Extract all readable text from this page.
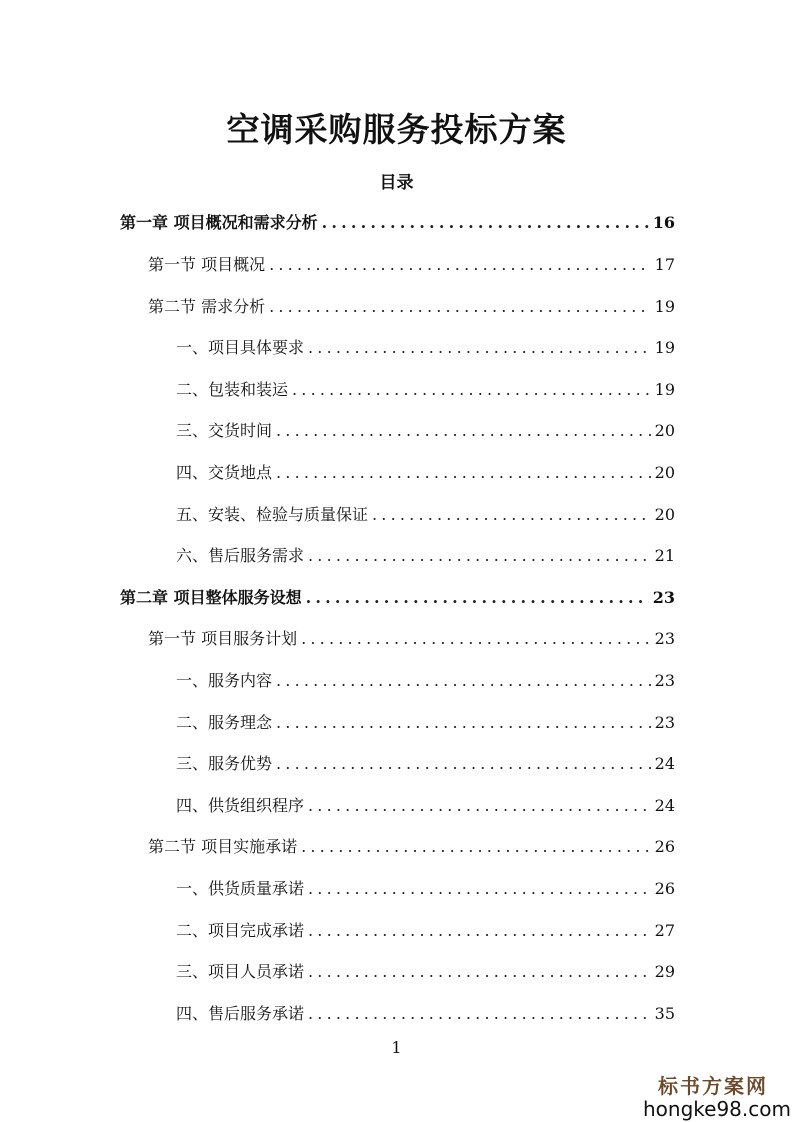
空调采购服务投标方案
目录
第一章 项目概况和需求分析 .....	16
第一节 项目概况 .....	17
第二节 需求分析 .....	19
一、项目具体要求 .....	19
二、包装和装运 .....	19
三、交货时间 .....	20
四、交货地点 .....	20
五、安装、检验与质量保证 .....	20
六、售后服务需求 .....	21
第二章 项目整体服务设想 .....	23
第一节 项目服务计划 .....	23
一、服务内容 .....	23
二、服务理念 .....	23
三、服务优势 .....	24
四、供货组织程序 .....	24
第二节 项目实施承诺 .....	26
一、供货质量承诺 .....	26
二、项目完成承诺 .....	27
三、项目人员承诺 .....	29
四、售后服务承诺 .....	35
1
标书方案网
hongke98.com
